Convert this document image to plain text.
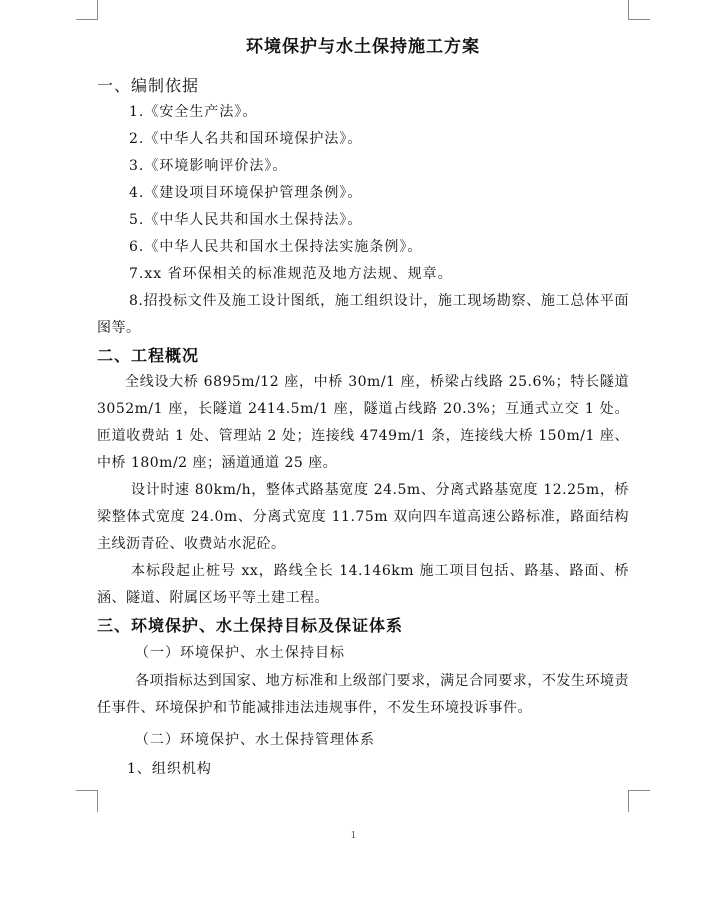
环境保护与水土保持施工方案
一、编制依据
1.《安全生产法》。
2.《中华人名共和国环境保护法》。
3.《环境影响评价法》。
4.《建设项目环境保护管理条例》。
5.《中华人民共和国水土保持法》。
6.《中华人民共和国水土保持法实施条例》。
7.xx 省环保相关的标准规范及地方法规、规章。

8.招投标文件及施工设计图纸，施工组织设计，施工现场勘察、施工总体平面图等。

二、工程概况

全线设大桥 6895m/12 座，中桥 30m/1 座，桥梁占线路 25.6%；特长隧道 3052m/1 座，长隧道 2414.5m/1 座，隧道占线路 20.3%；互通式立交 1 处。匝道收费站 1 处、管理站 2 处；连接线 4749m/1 条，连接线大桥 150m/1 座、中桥 180m/2 座；涵道通道 25 座。

设计时速 80km/h，整体式路基宽度 24.5m、分离式路基宽度 12.25m，桥梁整体式宽度 24.0m、分离式宽度 11.75m 双向四车道高速公路标准，路面结构主线沥青砼、收费站水泥砼。

本标段起止桩号 xx，路线全长 14.146km 施工项目包括、路基、路面、桥涵、隧道、附属区场平等土建工程。

三、环境保护、水土保持目标及保证体系
（一）环境保护、水土保持目标

各项指标达到国家、地方标准和上级部门要求，满足合同要求，不发生环境责任事件、环境保护和节能减排违法违规事件，不发生环境投诉事件。

（二）环境保护、水土保持管理体系
1、组织机构
1
